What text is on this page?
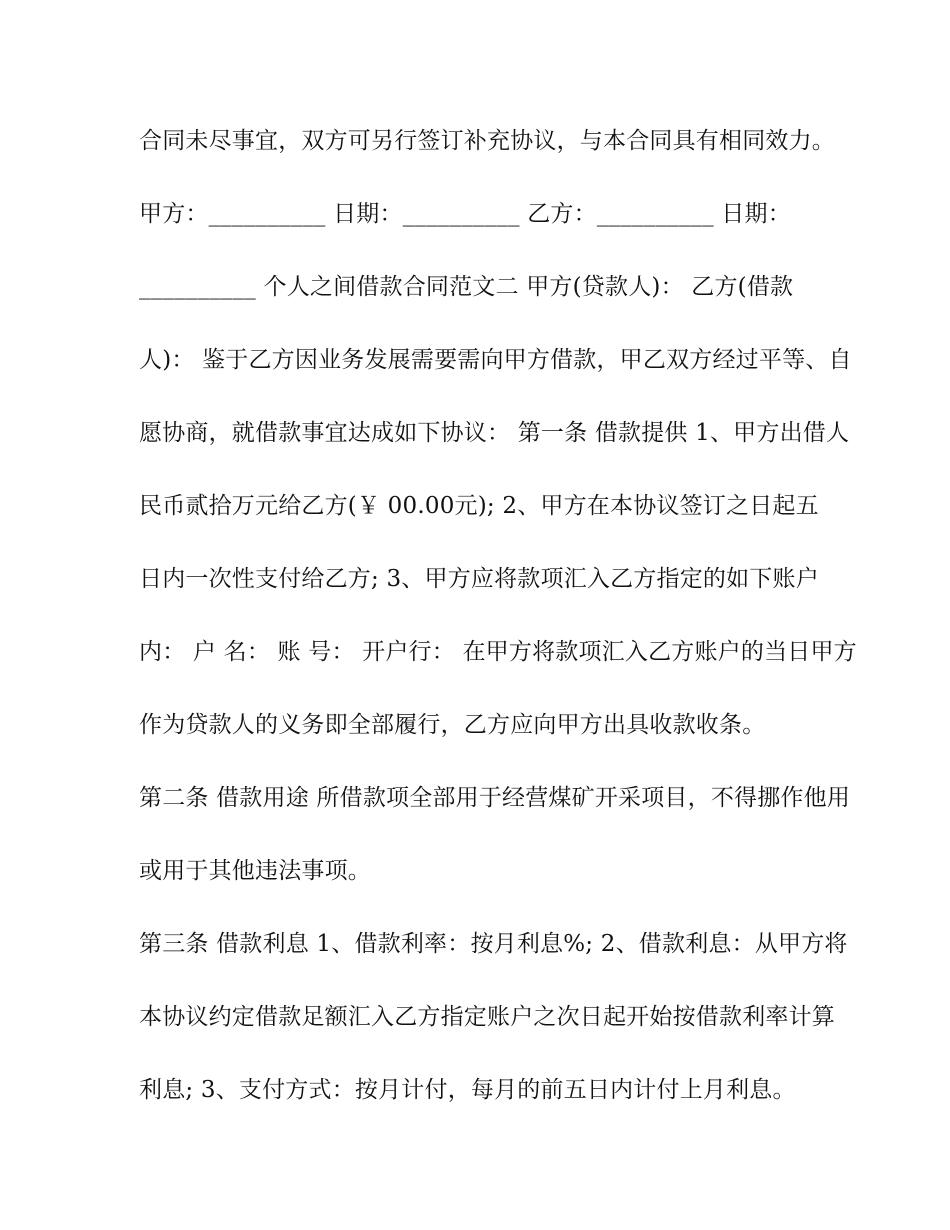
合同未尽事宜，双方可另行签订补充协议，与本合同具有相同效力。
甲方：__________ 日期：__________ 乙方：__________ 日期：
__________ 个人之间借款合同范文二 甲方(贷款人)： 乙方(借款
人)： 鉴于乙方因业务发展需要需向甲方借款，甲乙双方经过平等、自
愿协商，就借款事宜达成如下协议： 第一条 借款提供 1、甲方出借人
民币贰拾万元给乙方(￥ 00.00元); 2、甲方在本协议签订之日起五
日内一次性支付给乙方; 3、甲方应将款项汇入乙方指定的如下账户
内： 户 名： 账 号： 开户行： 在甲方将款项汇入乙方账户的当日甲方
作为贷款人的义务即全部履行，乙方应向甲方出具收款收条。
第二条 借款用途 所借款项全部用于经营煤矿开采项目，不得挪作他用
或用于其他违法事项。
第三条 借款利息 1、借款利率：按月利息%; 2、借款利息：从甲方将
本协议约定借款足额汇入乙方指定账户之次日起开始按借款利率计算
利息; 3、支付方式：按月计付，每月的前五日内计付上月利息。
